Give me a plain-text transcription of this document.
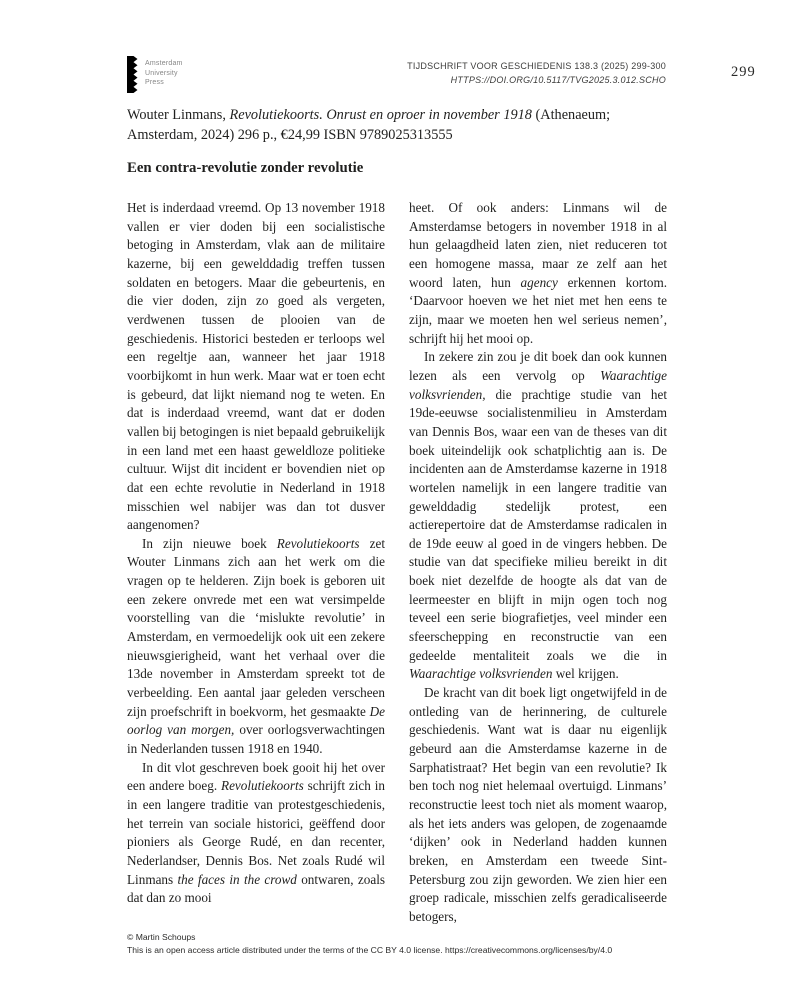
Amsterdam
University
Press
TIJDSCHRIFT VOOR GESCHIEDENIS 138.3 (2025) 299-300
HTTPS://DOI.ORG/10.5117/TVG2025.3.012.SCHO	299

Wouter Linmans, Revolutiekoorts. Onrust en oproer in november 1918 (Athenaeum; Amsterdam, 2024) 296 p., €24,99 ISBN 9789025313555

Een contra-revolutie zonder revolutie

Het is inderdaad vreemd. Op 13 november 1918 vallen er vier doden bij een socialistische betoging in Amsterdam, vlak aan de militaire kazerne, bij een gewelddadig treffen tussen soldaten en betogers. Maar die gebeurtenis, en die vier doden, zijn zo goed als vergeten, verdwenen tussen de plooien van de geschiedenis. Historici besteden er terloops wel een regeltje aan, wanneer het jaar 1918 voorbijkomt in hun werk. Maar wat er toen echt is gebeurd, dat lijkt niemand nog te weten. En dat is inderdaad vreemd, want dat er doden vallen bij betogingen is niet bepaald gebruikelijk in een land met een haast geweldloze politieke cultuur. Wijst dit incident er bovendien niet op dat een echte revolutie in Nederland in 1918 misschien wel nabijer was dan tot dusver aangenomen?

In zijn nieuwe boek Revolutiekoorts zet Wouter Linmans zich aan het werk om die vragen op te helderen. Zijn boek is geboren uit een zekere onvrede met een wat versimpelde voorstelling van die ‘mislukte revolutie’ in Amsterdam, en vermoedelijk ook uit een zekere nieuwsgierigheid, want het verhaal over die 13de november in Amsterdam spreekt tot de verbeelding. Een aantal jaar geleden verscheen zijn proefschrift in boekvorm, het gesmaakte De oorlog van morgen, over oorlogsverwachtingen in Nederlanden tussen 1918 en 1940.

In dit vlot geschreven boek gooit hij het over een andere boeg. Revolutiekoorts schrijft zich in in een langere traditie van protestgeschiedenis, het terrein van sociale historici, geëffend door pioniers als George Rudé, en dan recenter, Nederlandser, Dennis Bos. Net zoals Rudé wil Linmans the faces in the crowd ontwaren, zoals dat dan zo mooi

heet. Of ook anders: Linmans wil de Amsterdamse betogers in november 1918 in al hun gelaagdheid laten zien, niet reduceren tot een homogene massa, maar ze zelf aan het woord laten, hun agency erkennen kortom. ‘Daarvoor hoeven we het niet met hen eens te zijn, maar we moeten hen wel serieus nemen’, schrijft hij het mooi op.

In zekere zin zou je dit boek dan ook kunnen lezen als een vervolg op Waarachtige volksvrienden, die prachtige studie van het 19de-eeuwse socialistenmilieu in Amsterdam van Dennis Bos, waar een van de theses van dit boek uiteindelijk ook schatplichtig aan is. De incidenten aan de Amsterdamse kazerne in 1918 wortelen namelijk in een langere traditie van gewelddadig stedelijk protest, een actierepertoire dat de Amsterdamse radicalen in de 19de eeuw al goed in de vingers hebben. De studie van dat specifieke milieu bereikt in dit boek niet dezelfde de hoogte als dat van de leermeester en blijft in mijn ogen toch nog teveel een serie biografietjes, veel minder een sfeerschepping en reconstructie van een gedeelde mentaliteit zoals we die in Waarachtige volksvrienden wel krijgen.

De kracht van dit boek ligt ongetwijfeld in de ontleding van de herinnering, de culturele geschiedenis. Want wat is daar nu eigenlijk gebeurd aan die Amsterdamse kazerne in de Sarphatistraat? Het begin van een revolutie? Ik ben toch nog niet helemaal overtuigd. Linmans’ reconstructie leest toch niet als moment waarop, als het iets anders was gelopen, de zogenaamde ‘dijken’ ook in Nederland hadden kunnen breken, en Amsterdam een tweede Sint-Petersburg zou zijn geworden. We zien hier een groep radicale, misschien zelfs geradicaliseerde betogers,

© Martin Schoups
This is an open access article distributed under the terms of the CC BY 4.0 license. https://creativecommons.org/licenses/by/4.0
